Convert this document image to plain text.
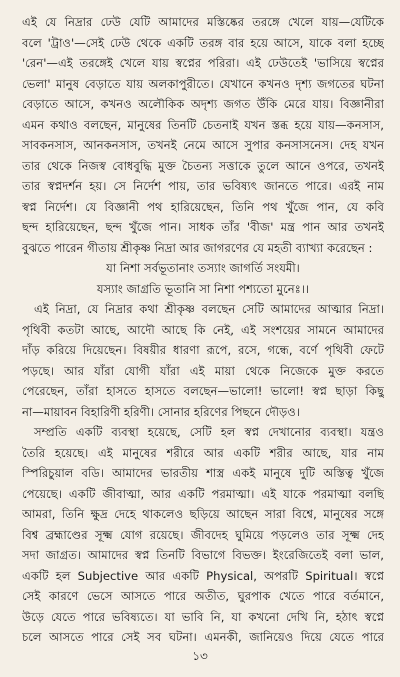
এই যে নিদ্রার ঢেউ যেটি আমাদের মস্তিষ্কের তরঙ্গে খেলে যায়—যেটিকে
বলে 'ট্রাও'—সেই ঢেউ থেকে একটি তরঙ্গ বার হয়ে আসে, যাকে বলা হচ্ছে
'রেন'—এই তরঙ্গেই খেলে যায় স্বপ্নের পরিরা। এই ঢেউতেই 'ভাসিয়ে স্বপ্নের
ভেলা' মানুষ বেড়াতে যায় অলকাপুরীতে। যেখানে কখনও দৃশ্য জগতের ঘটনা
বেড়াতে আসে, কখনও অলৌকিক অদৃশ্য জগত উঁকি মেরে যায়। বিজ্ঞানীরা
এমন কথাও বলছেন, মানুষের তিনটি চেতনাই যখন স্তব্ধ হয়ে যায়—কনসাস,
সাবকনসাস, আনকনসাস, তখনই নেমে আসে সুপার কনসাসনেস। দেহ যখন
তার থেকে নিজস্ব বোধবুদ্ধি মুক্ত চৈতন্য সত্তাকে তুলে আনে ওপরে, তখনই
তার স্বপ্নদর্শন হয়। সে নির্দেশ পায়, তার ভবিষ্যৎ জানতে পারে। এরই নাম
স্বপ্ন নির্দেশ। যে বিজ্ঞানী পথ হারিয়েছেন, তিনি পথ খুঁজে পান, যে কবি
ছন্দ হারিয়েছেন, ছন্দ খুঁজে পান। সাধক তাঁর 'বীজ' মন্ত্র পান আর তখনই
বুঝতে পারেন গীতায় শ্রীকৃষ্ণ নিদ্রা আর জাগরণের যে মহতী ব্যাখ্যা করেছেন :
যা নিশা সর্বভূতানাং তস্যাং জাগর্তি সংযমী।
যস্যাং জাগ্রতি ভূতানি সা নিশা পশ্যতো মুনেঃ।।
এই নিদ্রা, যে নিদ্রার কথা শ্রীকৃষ্ণ বলছেন সেটি আমাদের আত্মার নিদ্রা।
পৃথিবী কতটা আছে, আদৌ আছে কি নেই, এই সংশয়ের সামনে আমাদের
দাঁড় করিয়ে দিয়েছেন। বিষয়ীর ধারণা রূপে, রসে, গন্ধে, বর্ণে পৃথিবী ফেটে
পড়ছে। আর যাঁরা যোগী যাঁরা এই মায়া থেকে নিজেকে মুক্ত করতে
পেরেছেন, তাঁরা হাসতে হাসতে বলছেন—ভালো! ভালো! স্বপ্ন ছাড়া কিছু
না—মায়াবন বিহারিণী হরিণী। সোনার হরিণের পিছনে দৌড়ও।
সম্প্রতি একটি ব্যবস্থা হয়েছে, সেটি হল স্বপ্ন দেখানোর ব্যবস্থা। যন্ত্রও
তৈরি হয়েছে। এই মানুষের শরীরে আর একটি শরীর আছে, যার নাম
স্পিরিচুয়াল বডি। আমাদের ভারতীয় শাস্ত্র একই মানুষে দুটি অস্তিত্ব খুঁজে
পেয়েছে। একটি জীবাত্মা, আর একটি পরমাত্মা। এই যাকে পরমাত্মা বলছি
আমরা, তিনি ক্ষুদ্র দেহে থাকলেও ছড়িয়ে আছেন সারা বিশ্বে, মানুষের সঙ্গে
বিশ্ব ব্রহ্মাণ্ডের সূক্ষ্ম যোগ রয়েছে। জীবদেহ ঘুমিয়ে পড়লেও তার সূক্ষ্ম দেহ
সদা জাগ্রত। আমাদের স্বপ্ন তিনটি বিভাগে বিভক্ত। ইংরেজিতেই বলা ভাল,
একটি হল Subjective আর একটি Physical, অপরটি Spiritual। স্বপ্নে
সেই কারণে ভেসে আসতে পারে অতীত, ঘুরপাক খেতে পারে বর্তমানে,
উড়ে যেতে পারে ভবিষ্যতে। যা ভাবি নি, যা কখনো দেখি নি, হঠাৎ স্বপ্নে
চলে আসতে পারে সেই সব ঘটনা। এমনকী, জানিয়েও দিয়ে যেতে পারে
১৩
